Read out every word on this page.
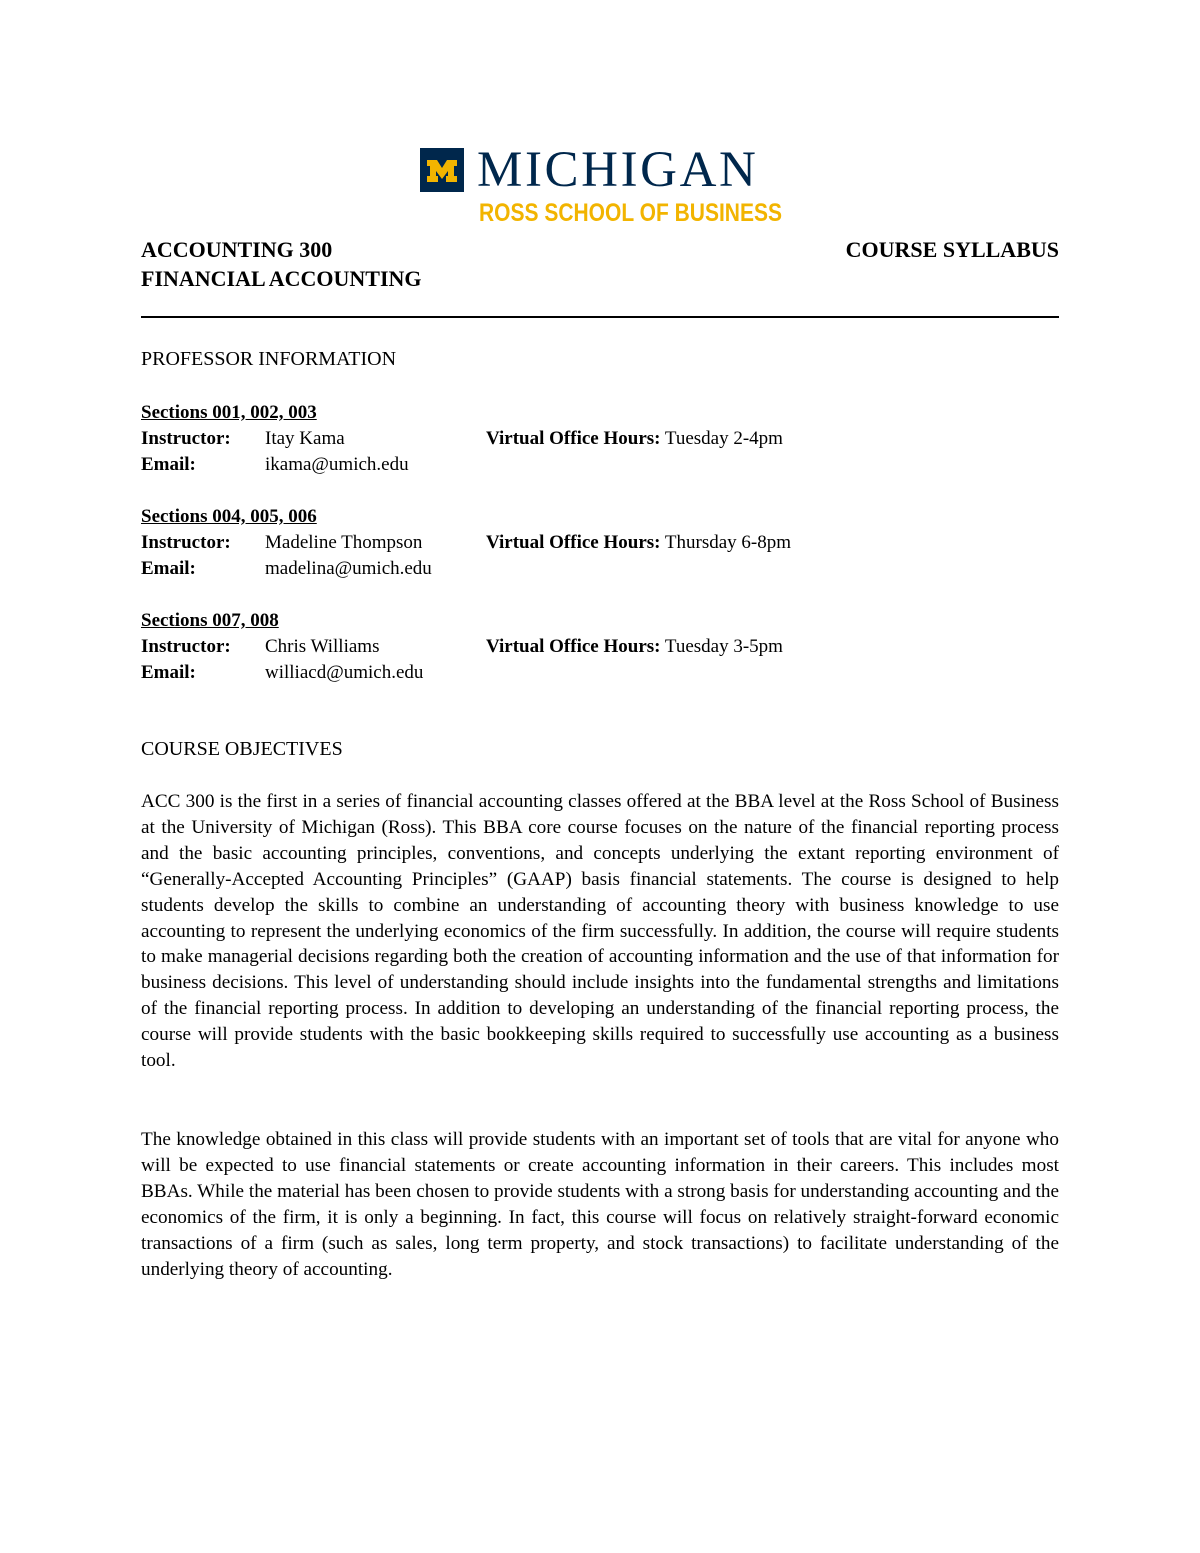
MICHIGAN
ROSS SCHOOL OF BUSINESS
ACCOUNTING 300
FINANCIAL ACCOUNTING
COURSE SYLLABUS
PROFESSOR INFORMATION
Sections 001, 002, 003
Instructor: Itay Kama	Virtual Office Hours: Tuesday 2-4pm
Email:	ikama@umich.edu
Sections 004, 005, 006
Instructor: Madeline Thompson	Virtual Office Hours: Thursday 6-8pm
Email:	madelina@umich.edu
Sections 007, 008
Instructor: Chris Williams	Virtual Office Hours: Tuesday 3-5pm
Email:	williacd@umich.edu
COURSE OBJECTIVES

ACC 300 is the first in a series of financial accounting classes offered at the BBA level at the Ross School of Business at the University of Michigan (Ross). This BBA core course focuses on the nature of the financial reporting process and the basic accounting principles, conventions, and concepts underlying the extant reporting environment of “Generally-Accepted Accounting Principles” (GAAP) basis financial statements. The course is designed to help students develop the skills to combine an understanding of accounting theory with business knowledge to use accounting to represent the underlying economics of the firm successfully. In addition, the course will require students to make managerial decisions regarding both the creation of accounting information and the use of that information for business decisions. This level of understanding should include insights into the fundamental strengths and limitations of the financial reporting process. In addition to developing an understanding of the financial reporting process, the course will provide students with the basic bookkeeping skills required to successfully use accounting as a business tool.

The knowledge obtained in this class will provide students with an important set of tools that are vital for anyone who will be expected to use financial statements or create accounting information in their careers. This includes most BBAs. While the material has been chosen to provide students with a strong basis for understanding accounting and the economics of the firm, it is only a beginning. In fact, this course will focus on relatively straight-forward economic transactions of a firm (such as sales, long term property, and stock transactions) to facilitate understanding of the underlying theory of accounting.
